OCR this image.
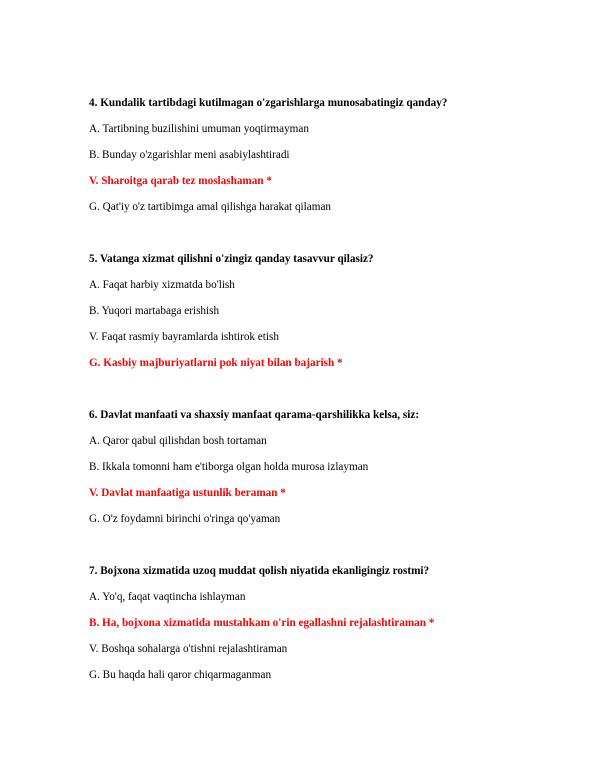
4. Kundalik tartibdagi kutilmagan o'zgarishlarga munosabatingiz qanday?

A. Tartibning buzilishini umuman yoqtirmayman

B. Bunday o'zgarishlar meni asabiylashtiradi

V. Sharoitga qarab tez moslashaman *

G. Qat'iy o'z tartibimga amal qilishga harakat qilaman

5. Vatanga xizmat qilishni o'zingiz qanday tasavvur qilasiz?

A. Faqat harbiy xizmatda bo'lish

B. Yuqori martabaga erishish

V. Faqat rasmiy bayramlarda ishtirok etish

G. Kasbiy majburiyatlarni pok niyat bilan bajarish *

6. Davlat manfaati va shaxsiy manfaat qarama-qarshilikka kelsa, siz:

A. Qaror qabul qilishdan bosh tortaman

B. Ikkala tomonni ham e'tiborga olgan holda murosa izlayman

V. Davlat manfaatiga ustunlik beraman *

G. O'z foydamni birinchi o'ringa qo'yaman

7. Bojxona xizmatida uzoq muddat qolish niyatida ekanligingiz rostmi?

A. Yo'q, faqat vaqtincha ishlayman

B. Ha, bojxona xizmatida mustahkam o'rin egallashni rejalashtiraman *

V. Boshqa sohalarga o'tishni rejalashtiraman

G. Bu haqda hali qaror chiqarmaganman
